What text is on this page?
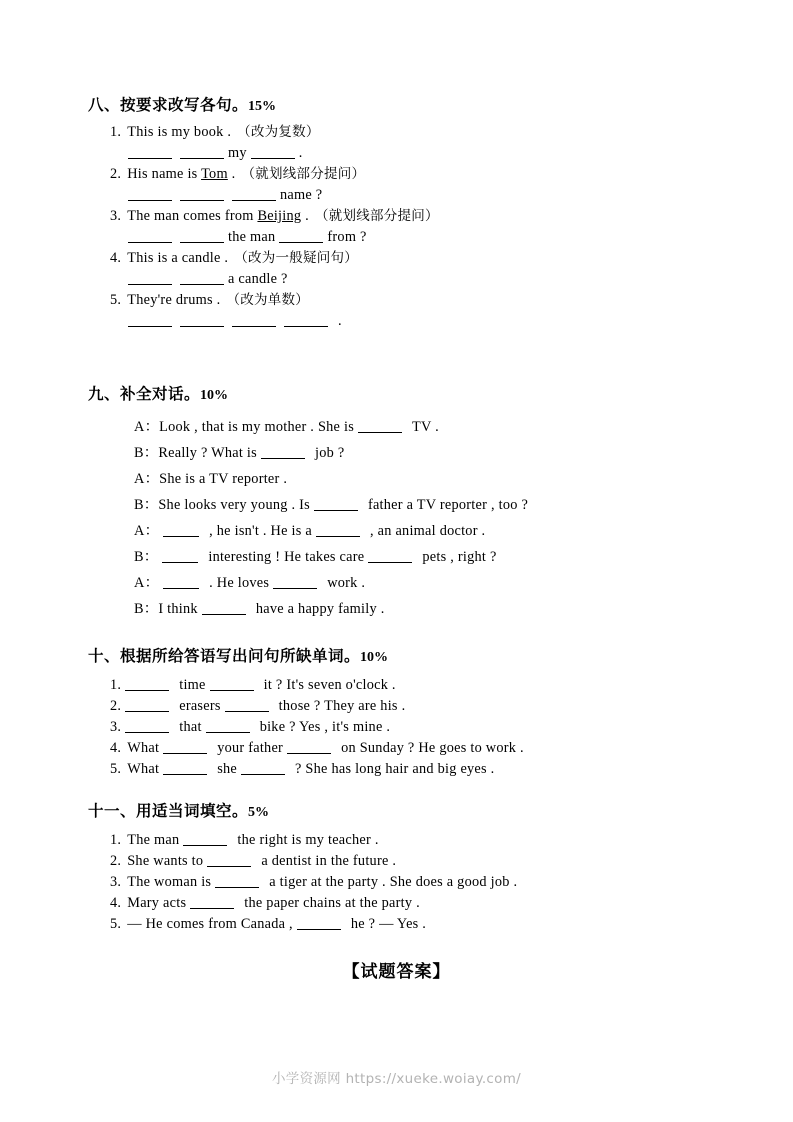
八、按要求改写各句。15%
1. This is my book . （改为复数）
my	.
2. His name is Tom . （就划线部分提问）
name ?
3. The man comes from Beijing . （就划线部分提问）
the man	from ?
4. This is a candle . （改为一般疑问句）
a candle ?
5. They're drums . （改为单数）
.
九、补全对话。10%
A：Look , that is my mother . She is	TV .
B：Really ? What is	job ?
A：She is a TV reporter .
B：She looks very young . Is	father a TV reporter , too ?
A：	, he isn't . He is a	, an animal doctor .
B：	interesting ! He takes care	pets , right ?
A：	. He loves	work .
B：I think	have a happy family .
十、根据所给答语写出问句所缺单词。10%
1.	time	it ? It's seven o'clock .
2.	erasers	those ? They are his .
3.	that	bike ? Yes , it's mine .
4. What	your father	on Sunday ? He goes to work .
5. What	she	? She has long hair and big eyes .
十一、用适当词填空。5%
1. The man	the right is my teacher .
2. She wants to	a dentist in the future .
3. The woman is	a tiger at the party . She does a good job .
4. Mary acts	the paper chains at the party .
5. — He comes from Canada ,	he ? — Yes .
【试题答案】
小学资源网 https://xueke.woiay.com/
